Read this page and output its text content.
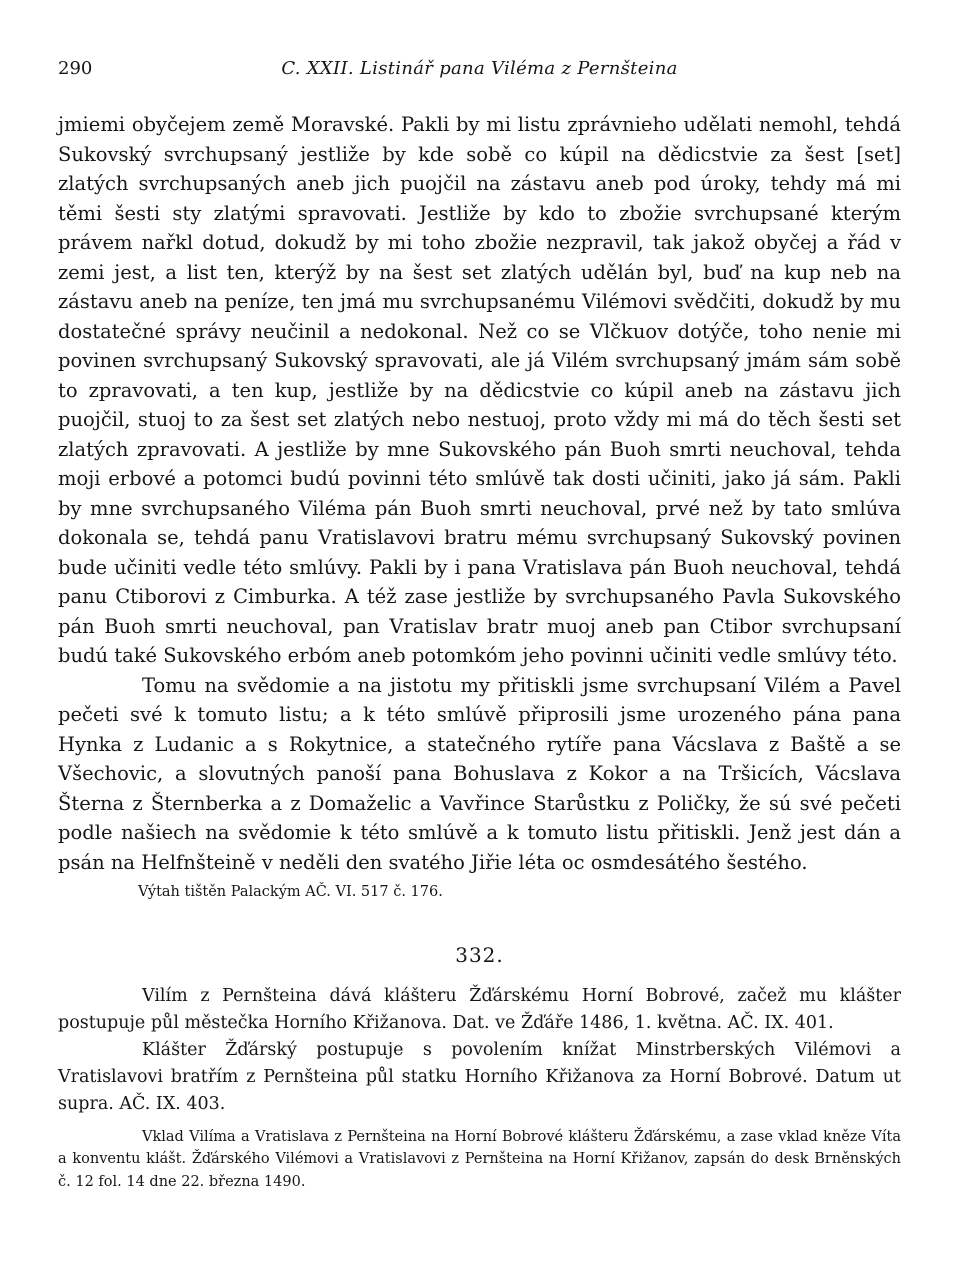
C. XXII. Listinář pana Viléma z Pernšteina
290

jmiemi obyčejem země Moravské. Pakli by mi listu zprávnieho udělati nemohl, tehdá Sukovský svrchupsaný jestliže by kde sobě co kúpil na dědicstvie za šest [set] zlatých svrchupsaných aneb jich puojčil na zástavu aneb pod úroky, tehdy má mi těmi šesti sty zlatými spravovati. Jestliže by kdo to zbožie svrchupsané kterým právem nařkl dotud, dokudž by mi toho zbožie nezpravil, tak jakož obyčej a řád v zemi jest, a list ten, kterýž by na šest set zlatých udělán byl, buď na kup neb na zástavu aneb na peníze, ten jmá mu svrchupsanému Vilémovi svědčiti, dokudž by mu dostatečné správy neučinil a nedokonal. Než co se Vlčkuov dotýče, toho nenie mi povinen svrchupsaný Sukovský spravovati, ale já Vilém svrchupsaný jmám sám sobě to zpravovati, a ten kup, jestliže by na dědicstvie co kúpil aneb na zástavu jich puojčil, stuoj to za šest set zlatých nebo nestuoj, proto vždy mi má do těch šesti set zlatých zpravovati. A jestliže by mne Sukovského pán Buoh smrti neuchoval, tehda moji erbové a potomci budú povinni této smlúvě tak dosti učiniti, jako já sám. Pakli by mne svrchupsaného Viléma pán Buoh smrti neuchoval, prvé než by tato smlúva dokonala se, tehdá panu Vratislavovi bratru mému svrchupsaný Sukovský povinen bude učiniti vedle této smlúvy. Pakli by i pana Vratislava pán Buoh neuchoval, tehdá panu Ctiborovi z Cimburka. A též zase jestliže by svrchupsaného Pavla Sukovského pán Buoh smrti neuchoval, pan Vratislav bratr muoj aneb pan Ctibor svrchupsaní budú také Sukovského erbóm aneb potomkóm jeho povinni učiniti vedle smlúvy této.

Tomu na svědomie a na jistotu my přitiskli jsme svrchupsaní Vilém a Pavel pečeti své k tomuto listu; a k této smlúvě připrosili jsme urozeného pána pana Hynka z Ludanic a s Rokytnice, a statečného rytíře pana Vácslava z Baště a se Všechovic, a slovutných panoší pana Bohuslava z Kokor a na Tršicích, Vácslava Šterna z Šternberka a z Domaželic a Vavřince Starůstku z Poličky, že sú své pečeti podle našiech na svědomie k této smlúvě a k tomuto listu přitiskli. Jenž jest dán a psán na Helfnšteině v neděli den svatého Jiřie léta oc osmdesátého šestého.

Výtah tištěn Palackým AČ. VI. 517 č. 176.
332.

Vilím z Pernšteina dává klášteru Žďárskému Horní Bobrové, začež mu klášter postupuje půl městečka Horního Křižanova. Dat. ve Žďáře 1486, 1. května. AČ. IX. 401.

Klášter Žďárský postupuje s povolením knížat Minstrberských Vilémovi a Vratislavovi bratřím z Pernšteina půl statku Horního Křižanova za Horní Bobrové. Datum ut supra. AČ. IX. 403.

Vklad Vilíma a Vratislava z Pernšteina na Horní Bobrové klášteru Žďárskému, a zase vklad kněze Víta a konventu klášt. Žďárského Vilémovi a Vratislavovi z Pernšteina na Horní Křižanov, zapsán do desk Brněnských č. 12 fol. 14 dne 22. března 1490.
